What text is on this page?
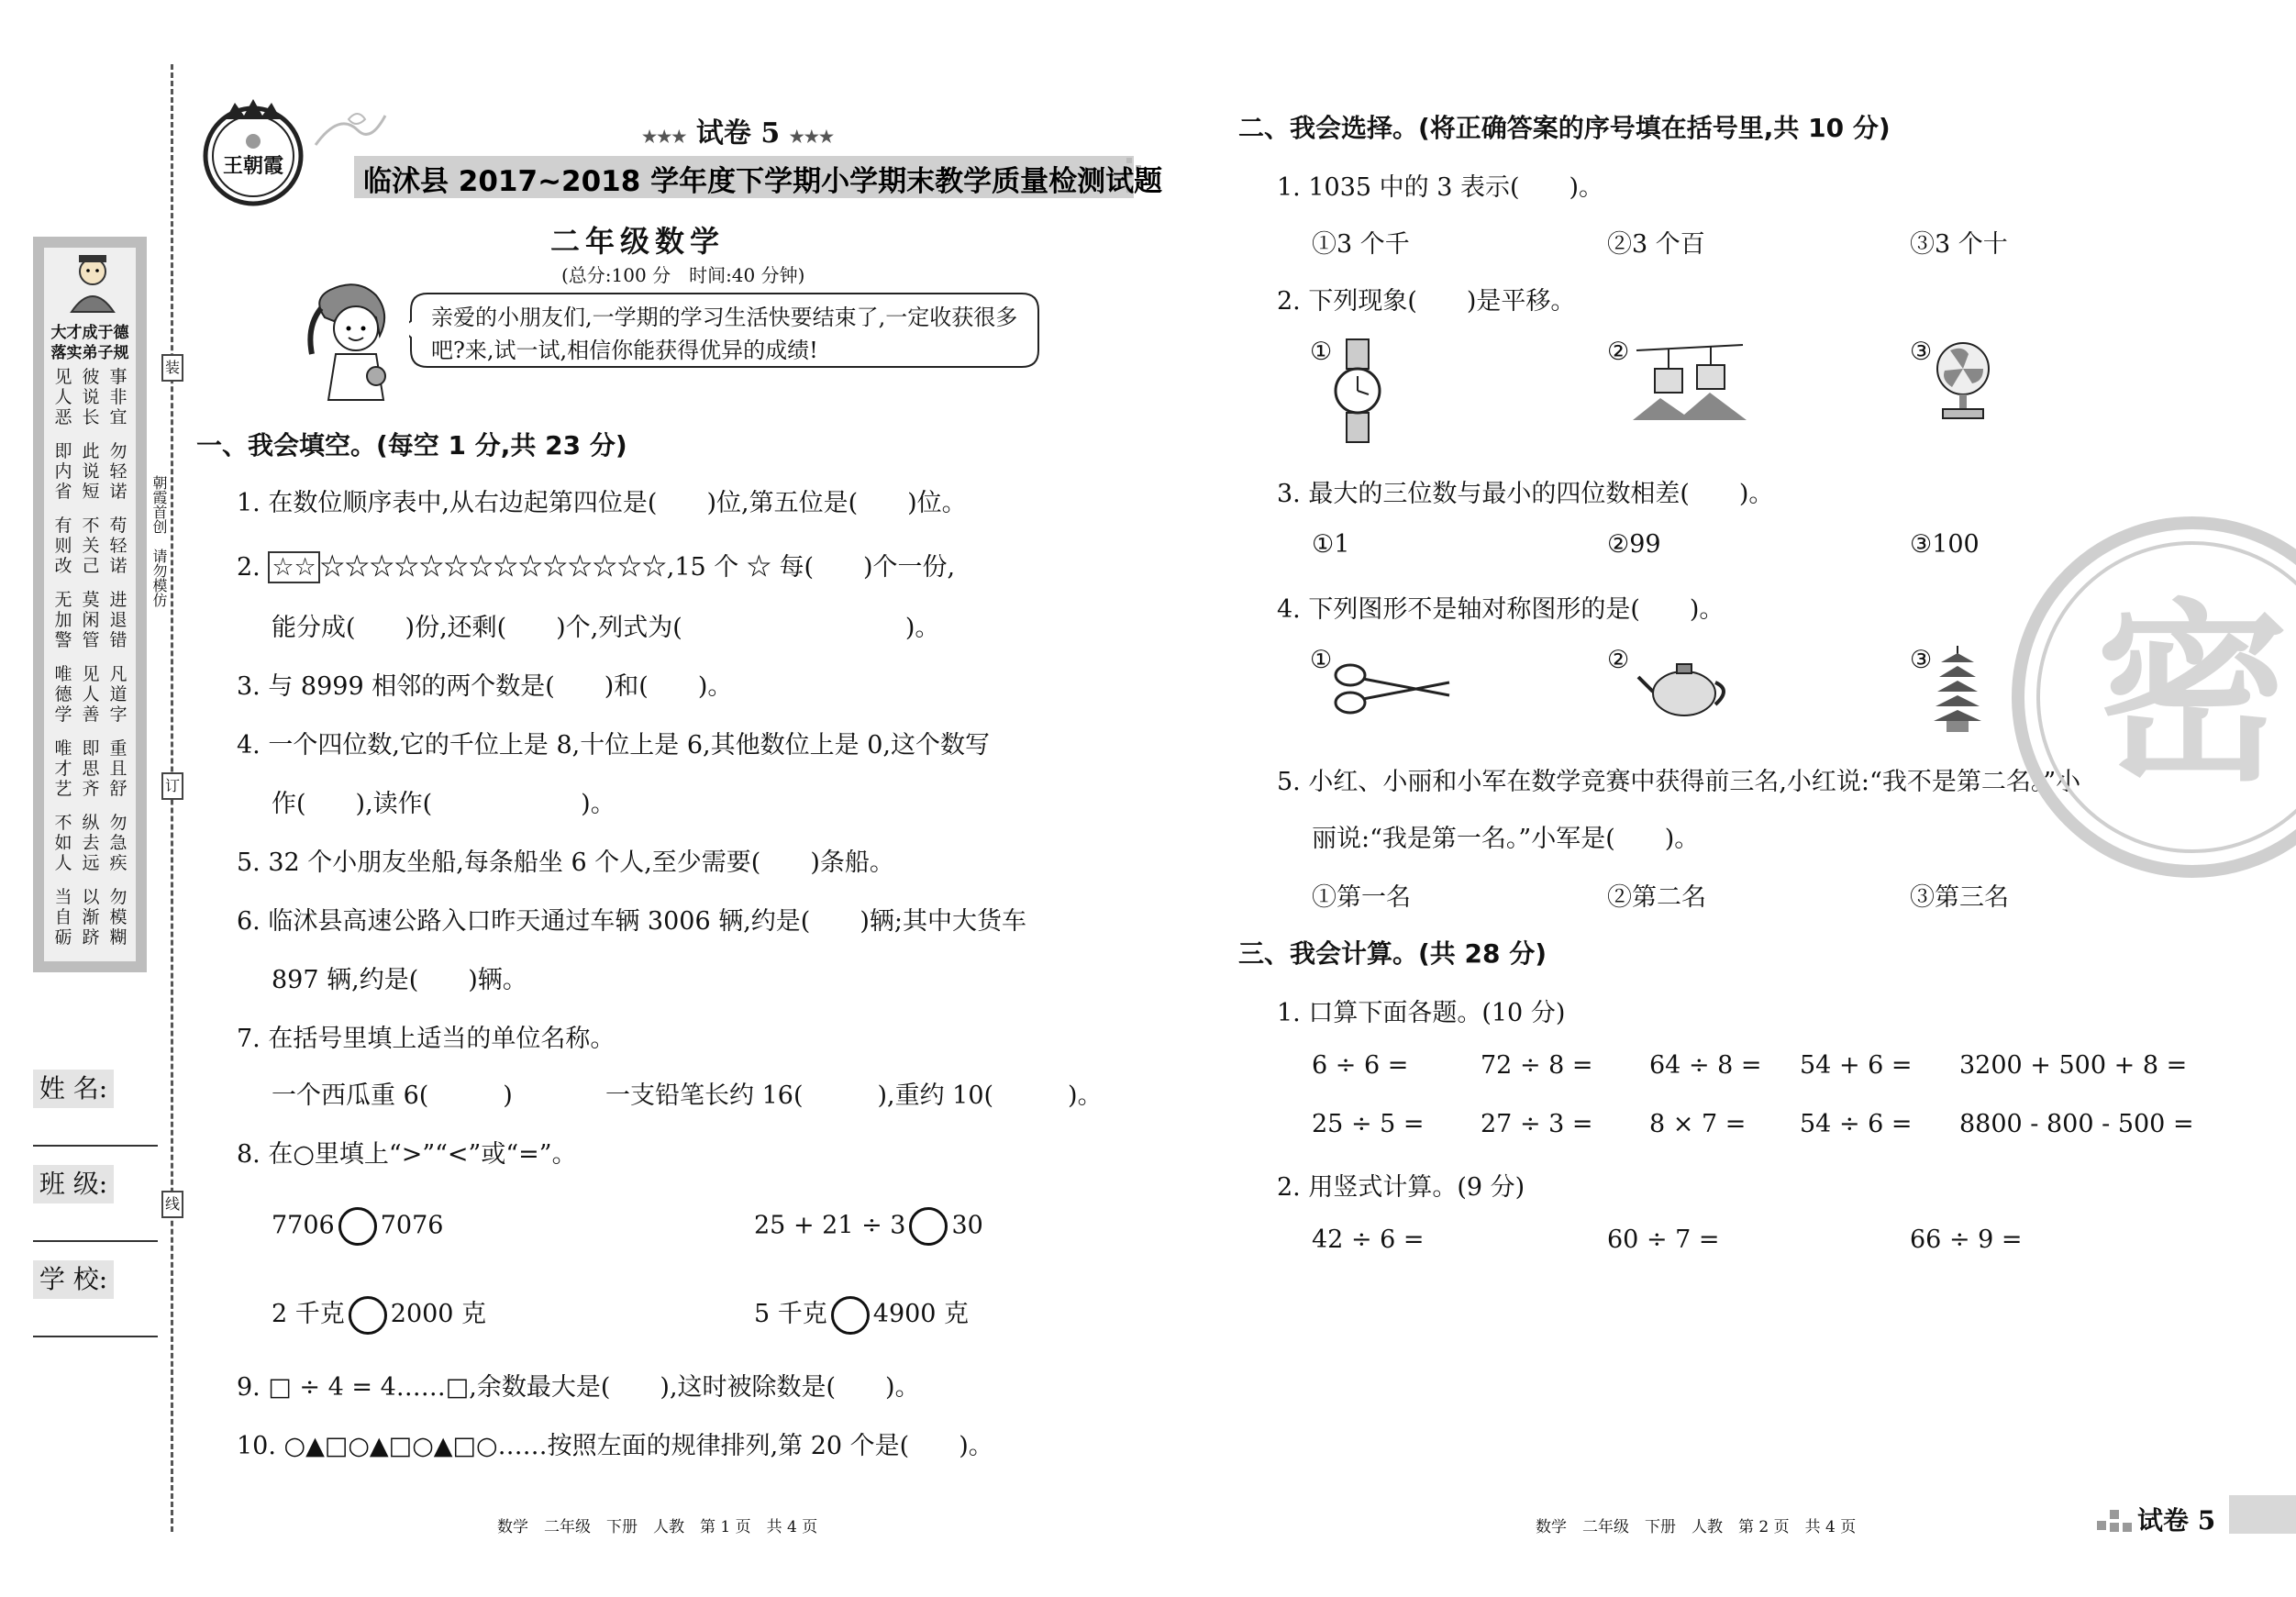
大才成于德
落实弟子规
见 彼 事
人 说 非
恶 长 宜
即 此 勿
内 说 轻
省 短 诺
有 不 苟
则 关 轻
改 己 诺
无 莫 进
加 闲 退
警 管 错
唯 见 凡
德 人 道
学 善 字
唯 即 重
才 思 且
艺 齐 舒
不 纵 勿
如 去 急
人 远 疾
当 以 勿
自 渐 模
砺 跻 糊
装
订
线
朝霞首创　请勿模仿
姓 名:
班 级:
学 校:
王朝霞
★★★ 试卷 5 ★★★
临沭县 2017~2018 学年度下学期小学期末教学质量检测试题
二年级数学
(总分:100 分　时间:40 分钟)
亲爱的小朋友们,一学期的学习生活快要结束了,一定收获很多吧?来,试一试,相信你能获得优异的成绩!
一、我会填空。(每空 1 分,共 23 分)
1. 在数位顺序表中,从右边起第四位是(　　)位,第五位是(　　)位。
2. ☆☆ ☆☆☆☆☆☆☆☆☆☆☆☆☆☆,15 个 ☆ 每(　　)个一份,
能分成(　　)份,还剩(　　)个,列式为(　　　　　　　　　)。
3. 与 8999 相邻的两个数是(　　)和(　　)。
4. 一个四位数,它的千位上是 8,十位上是 6,其他数位上是 0,这个数写
作(　　),读作(　　　　　　)。
5. 32 个小朋友坐船,每条船坐 6 个人,至少需要(　　)条船。
6. 临沭县高速公路入口昨天通过车辆 3006 辆,约是(　　)辆;其中大货车
897 辆,约是(　　)辆。
7. 在括号里填上适当的单位名称。
一个西瓜重 6(　　　)	一支铅笔长约 16(　　　),重约 10(　　　)。
8. 在○里填上“>”“<”或“=”。
7706 7076	25 + 21 ÷ 3 30
2 千克 2000 克	5 千克 4900 克
9. □ ÷ 4 = 4……□,余数最大是(　　),这时被除数是(　　)。
10. ○▲□○▲□○▲□○……按照左面的规律排列,第 20 个是(　　)。
数学　二年级　下册　人教　第 1 页　共 4 页
二、我会选择。(将正确答案的序号填在括号里,共 10 分)
1. 1035 中的 3 表示(　　)。
①3 个千	②3 个百	③3 个十
2. 下列现象(　　)是平移。
①	②	③
3. 最大的三位数与最小的四位数相差(　　)。
①1	②99	③100
4. 下列图形不是轴对称图形的是(　　)。
①	②	③
5. 小红、小丽和小军在数学竞赛中获得前三名,小红说:“我不是第二名。”小
丽说:“我是第一名。”小军是(　　)。
①第一名	②第二名	③第三名
三、我会计算。(共 28 分)
1. 口算下面各题。(10 分)
6 ÷ 6 =	72 ÷ 8 = 64 ÷ 8 = 54 + 6 = 3200 + 500 + 8 =
25 ÷ 5 = 27 ÷ 3 = 8 × 7 = 54 ÷ 6 = 8800 - 800 - 500 =
2. 用竖式计算。(9 分)
42 ÷ 6 =	60 ÷ 7 =	66 ÷ 9 =
密
数学　二年级　下册　人教　第 2 页　共 4 页	试卷 5
